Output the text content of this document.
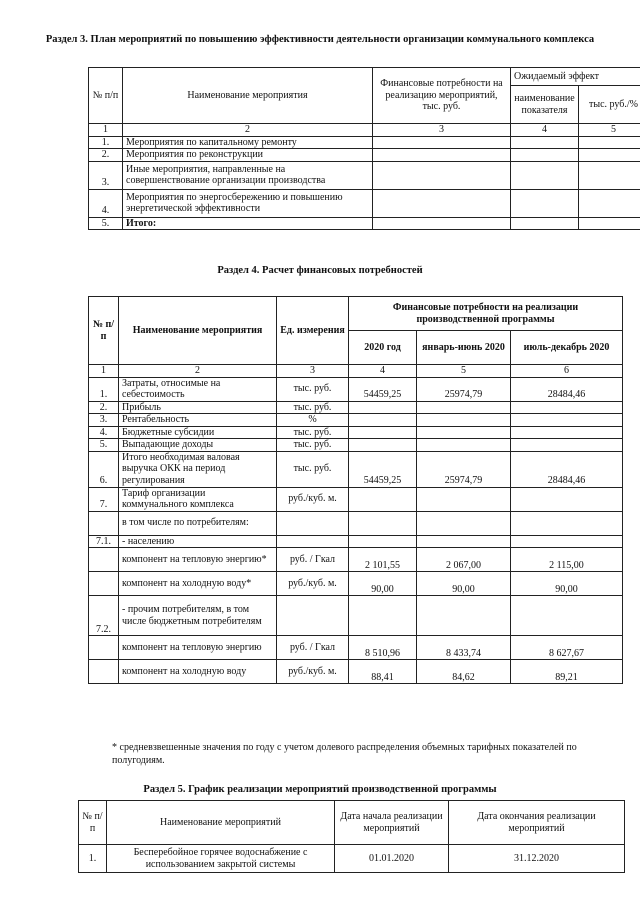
Раздел 3. План мероприятий по повышению эффективности деятельности организации коммунального комплекса
№ п/п	Наименование мероприятия	Финансовые потребности на реализацию мероприятий, тыс. руб.	Ожидаемый эффект	
			наименование показателя	тыс. руб./%
1	2	3	4	5
1.	Мероприятия по капитальному ремонту			
2.	Мероприятия по реконструкции			
3.	Иные мероприятия, направленные на совершенствование организации производства			
4.	Мероприятия по энергосбережению и повышению энергетической эффективности			
5.	Итого:			
Раздел 4. Расчет финансовых потребностей
№ п/п	Наименование мероприятия	Ед. измерения	Финансовые потребности на реализации производственной программы		
			2020 год	январь-июнь 2020	июль-декабрь 2020
1	2	3	4	5	6
1.	Затраты, относимые на себестоимость	тыс. руб.	54459,25	25974,79	28484,46
2.	Прибыль	тыс. руб.			
3.	Рентабельность	%			
4.	Бюджетные субсидии	тыс. руб.			
5.	Выпадающие доходы	тыс. руб.			
6.	Итого необходимая валовая выручка ОКК на период регулирования	тыс. руб.	54459,25	25974,79	28484,46
7.	Тариф организации коммунального комплекса	руб./куб. м.			
	в том числе по потребителям:				
7.1.	- населению				
	компонент на тепловую энергию*	руб. / Гкал	2 101,55	2 067,00	2 115,00
	компонент на холодную воду*	руб./куб. м.	90,00	90,00	90,00
7.2.	- прочим потребителям, в том числе бюджетным потребителям				
	компонент на тепловую энергию	руб. / Гкал	8 510,96	8 433,74	8 627,67
	компонент на холодную воду	руб./куб. м.	88,41	84,62	89,21
* средневзвешенные значения по году с учетом долевого распределения объемных тарифных показателей по полугодиям.
Раздел 5. График реализации мероприятий производственной программы
№ п/п	Наименование мероприятий	Дата начала реализации мероприятий	Дата окончания реализации мероприятий
1.	Бесперебойное горячее водоснабжение с использованием закрытой системы	01.01.2020	31.12.2020
